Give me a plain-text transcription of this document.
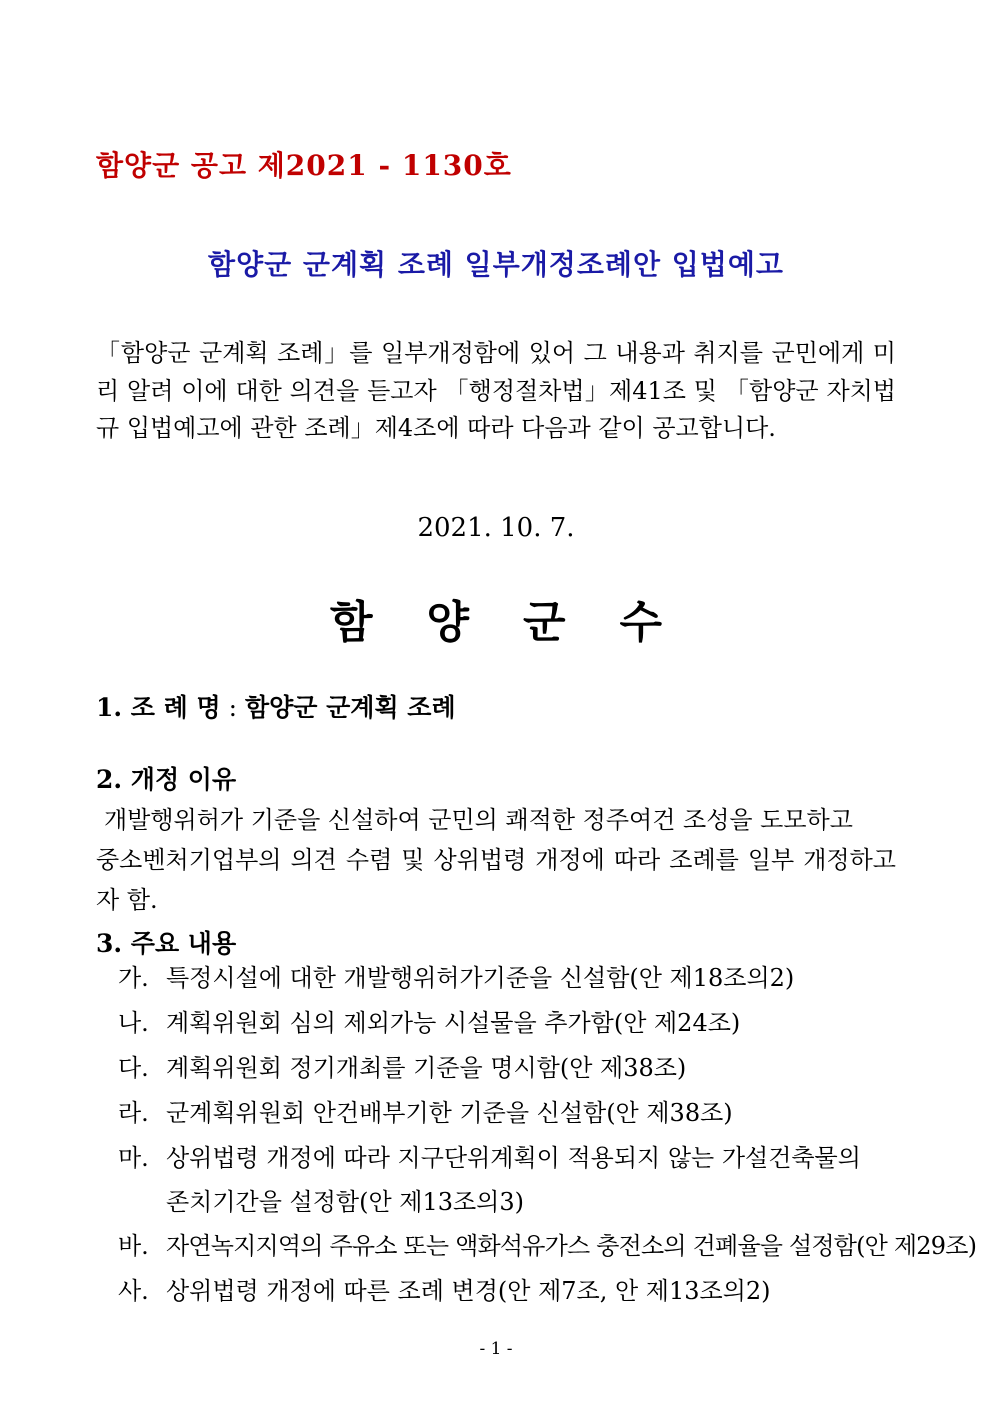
함양군 공고 제2021 - 1130호
함양군 군계획 조례 일부개정조례안 입법예고
「함양군 군계획 조례」를 일부개정함에 있어 그 내용과 취지를 군민에게 미리 알려 이에 대한 의견을 듣고자 「행정절차법」제41조 및 「함양군 자치법규 입법예고에 관한 조례」제4조에 따라 다음과 같이 공고합니다.
2021. 10. 7.
함양군수
1. 조 례 명 : 함양군 군계획 조례
2. 개정 이유
개발행위허가 기준을 신설하여 군민의 쾌적한 정주여건 조성을 도모하고
중소벤처기업부의 의견 수렴 및 상위법령 개정에 따라 조례를 일부 개정하고자 함.
3. 주요 내용
가. 특정시설에 대한 개발행위허가기준을 신설함(안 제18조의2)
나. 계획위원회 심의 제외가능 시설물을 추가함(안 제24조)
다. 계획위원회 정기개최를 기준을 명시함(안 제38조)
라. 군계획위원회 안건배부기한 기준을 신설함(안 제38조)
마. 상위법령 개정에 따라 지구단위계획이 적용되지 않는 가설건축물의
존치기간을 설정함(안 제13조의3)
바. 자연녹지지역의 주유소 또는 액화석유가스 충전소의 건폐율을 설정함(안 제29조)
사. 상위법령 개정에 따른 조례 변경(안 제7조, 안 제13조의2)
- 1 -
